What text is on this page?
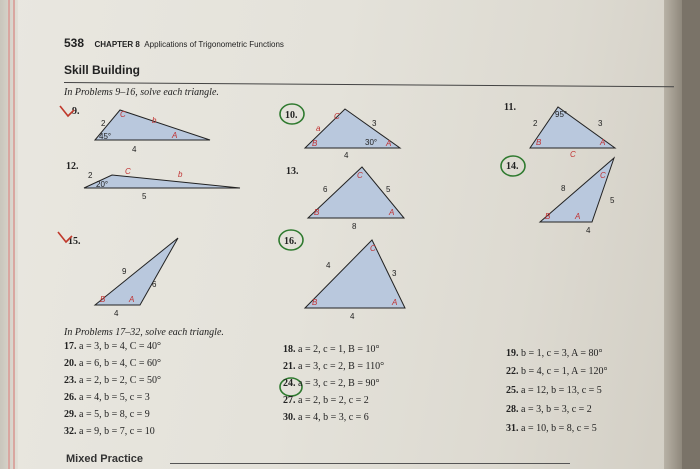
538 CHAPTER 8 Applications of Trigonometric Functions
Skill Building
In Problems 9–16, solve each triangle.
9.	10.
11.
12.	13.	14.
15.	16.
2
45°
b
4
C
A
a
C
3
B	30°
4
A
95°
2	3
B
C
A
2	C	b
20°
5
C
6	5
B	A
8
C
8
5
B	A
4
9
6
B	A
4
C
4
3
B	A
4
In Problems 17–32, solve each triangle.
17. a = 3, b = 4, C = 40°
20. a = 6, b = 4, C = 60°
23. a = 2, b = 2, C = 50°
26. a = 4, b = 5, c = 3
29. a = 5, b = 8, c = 9
32. a = 9, b = 7, c = 10
18. a = 2, c = 1, B = 10°
21. a = 3, c = 2, B = 110°
24. a = 3, c = 2, B = 90°
27. a = 2, b = 2, c = 2
30. a = 4, b = 3, c = 6
19. b = 1, c = 3, A = 80°
22. b = 4, c = 1, A = 120°
25. a = 12, b = 13, c = 5
28. a = 3, b = 3, c = 2
31. a = 10, b = 8, c = 5
Mixed Practice
